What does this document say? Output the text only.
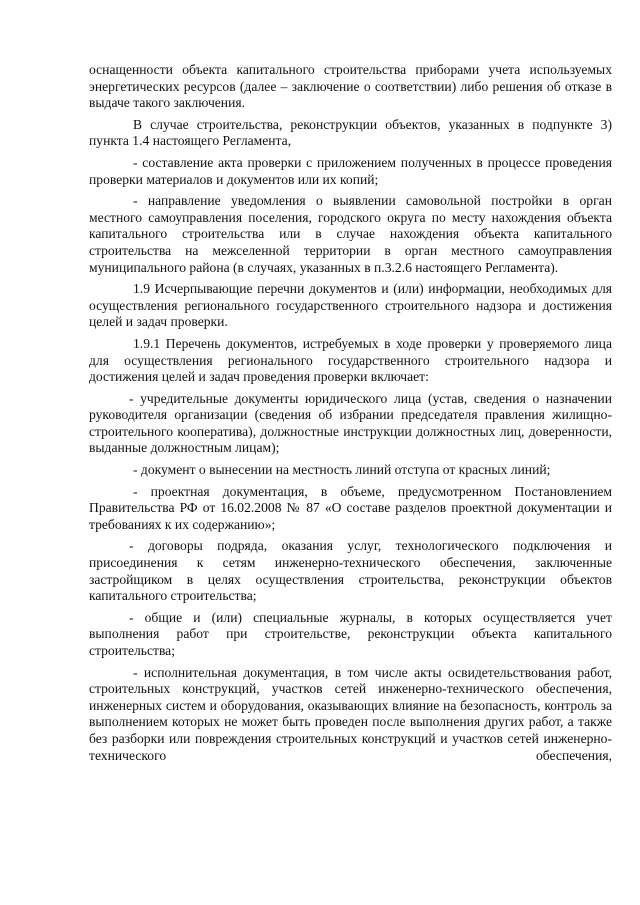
оснащенности объекта капитального строительства приборами учета используемых энергетических ресурсов (далее – заключение о соответствии) либо решения об отказе в выдаче такого заключения.

В случае строительства, реконструкции объектов, указанных в подпункте 3) пункта 1.4 настоящего Регламента,

- составление акта проверки с приложением полученных в процессе проведения проверки материалов и документов или их копий;

- направление уведомления о выявлении самовольной постройки в орган местного самоуправления поселения, городского округа по месту нахождения объекта капитального строительства или в случае нахождения объекта капитального строительства на межселенной территории в орган местного самоуправления муниципального района (в случаях, указанных в п.3.2.6 настоящего Регламента).

1.9 Исчерпывающие перечни документов и (или) информации, необходимых для осуществления регионального государственного строительного надзора и достижения целей и задач проверки.

1.9.1 Перечень документов, истребуемых в ходе проверки у проверяемого лица для осуществления регионального государственного строительного надзора и достижения целей и задач проведения проверки включает:

- учредительные документы юридического лица (устав, сведения о назначении руководителя организации (сведения об избрании председателя правления жилищно-строительного кооператива), должностные инструкции должностных лиц, доверенности, выданные должностным лицам);

- документ о вынесении на местность линий отступа от красных линий;

- проектная документация, в объеме, предусмотренном Постановлением Правительства РФ от 16.02.2008 № 87 «О составе разделов проектной документации и требованиях к их содержанию»;

- договоры подряда, оказания услуг, технологического подключения и присоединения к сетям инженерно-технического обеспечения, заключенные застройщиком в целях осуществления строительства, реконструкции объектов капитального строительства;

- общие и (или) специальные журналы, в которых осуществляется учет выполнения работ при строительстве, реконструкции объекта капитального строительства;

- исполнительная документация, в том числе акты освидетельствования работ, строительных конструкций, участков сетей инженерно-технического обеспечения, инженерных систем и оборудования, оказывающих влияние на безопасность, контроль за выполнением которых не может быть проведен после выполнения других работ, а также без разборки или повреждения строительных конструкций и участков сетей инженерно-технического обеспечения,
